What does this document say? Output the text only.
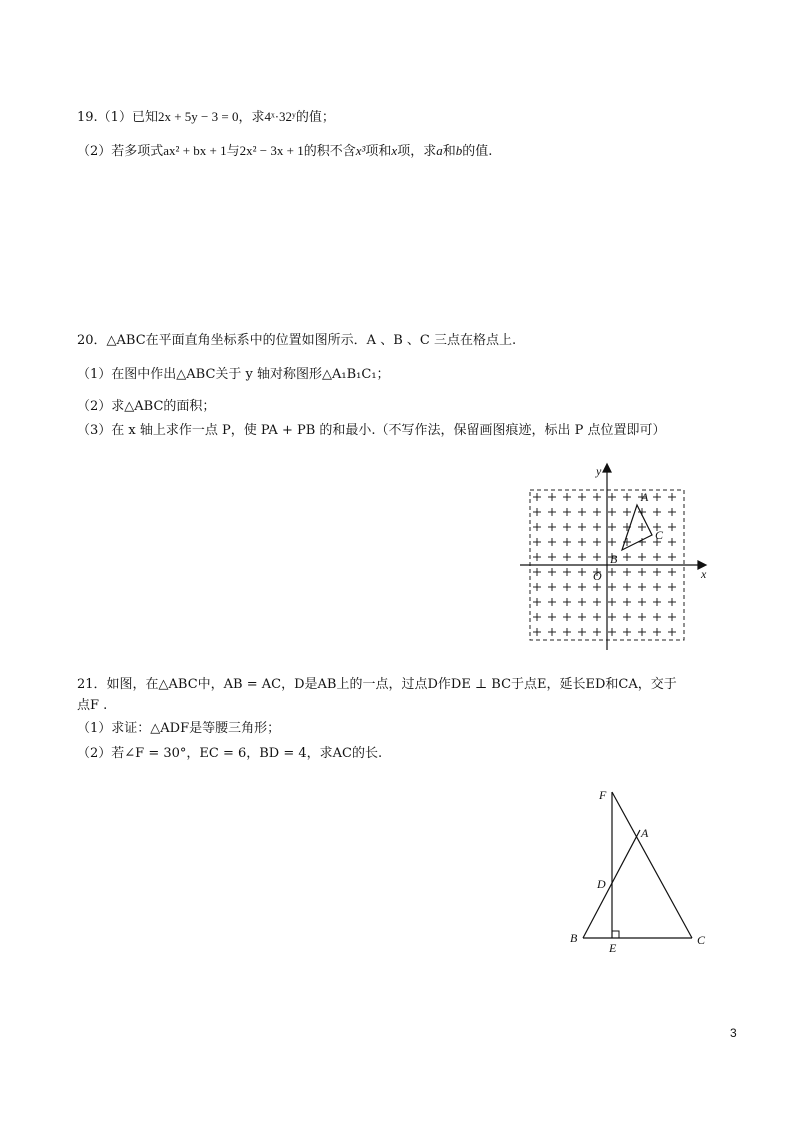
19.（1）已知2x + 5y − 3 = 0，求4ˣ·32ʸ的值；
（2）若多项式ax² + bx + 1与2x² − 3x + 1的积不含x³项和x项，求a和b的值.
20．△ABC在平面直角坐标系中的位置如图所示．A 、B 、C 三点在格点上.
（1）在图中作出△ABC关于 y 轴对称图形△A₁B₁C₁；
（2）求△ABC的面积；
（3）在 x 轴上求作一点 P，使 PA + PB 的和最小.（不写作法，保留画图痕迹，标出 P 点位置即可）
x
y
O
A
B
C
21．如图，在△ABC中，AB = AC，D是AB上的一点，过点D作DE ⊥ BC于点E，延长ED和CA，交于
点F .
（1）求证：△ADF是等腰三角形；
（2）若∠F = 30°，EC = 6，BD = 4，求AC的长.
F
A
D
B
E
C
3
